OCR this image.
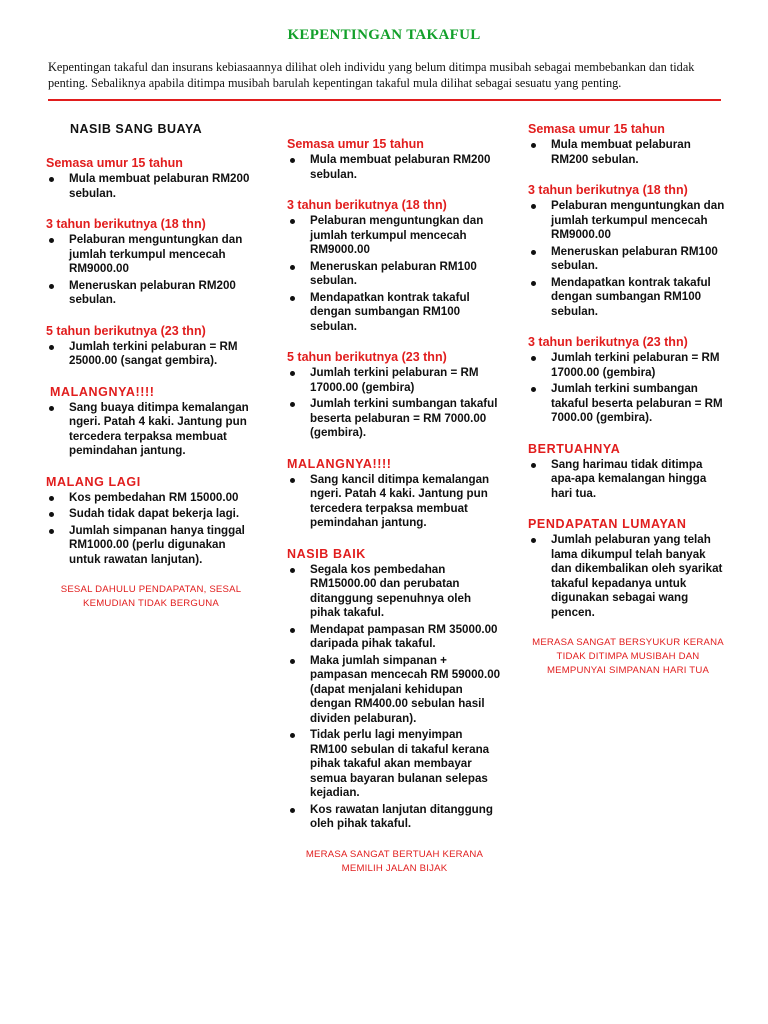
KEPENTINGAN TAKAFUL
Kepentingan takaful dan insurans kebiasaannya dilihat oleh individu yang belum ditimpa musibah sebagai membebankan dan tidak penting. Sebaliknya apabila ditimpa musibah barulah kepentingan takaful mula dilihat sebagai sesuatu yang penting.
NASIB SANG BUAYA
Semasa umur 15 tahun
Mula membuat pelaburan RM200 sebulan.
3 tahun berikutnya (18 thn)
Pelaburan menguntungkan dan jumlah terkumpul mencecah RM9000.00
Meneruskan pelaburan RM200 sebulan.
5 tahun berikutnya (23 thn)
Jumlah terkini pelaburan = RM 25000.00 (sangat gembira).
MALANGNYA!!!!
Sang buaya ditimpa kemalangan ngeri. Patah 4 kaki. Jantung pun tercedera terpaksa membuat pemindahan jantung.
MALANG LAGI
Kos pembedahan RM 15000.00
Sudah tidak dapat bekerja lagi.
Jumlah simpanan hanya tinggal RM1000.00 (perlu digunakan untuk rawatan lanjutan).
SESAL DAHULU PENDAPATAN, SESAL KEMUDIAN TIDAK BERGUNA
Semasa umur 15 tahun
Mula membuat pelaburan RM200 sebulan.
3 tahun berikutnya (18 thn)
Pelaburan menguntungkan dan jumlah terkumpul mencecah RM9000.00
Meneruskan pelaburan RM100 sebulan.
Mendapatkan kontrak takaful dengan sumbangan RM100 sebulan.
5 tahun berikutnya (23 thn)
Jumlah terkini pelaburan = RM 17000.00 (gembira)
Jumlah terkini sumbangan takaful beserta pelaburan = RM 7000.00 (gembira).
MALANGNYA!!!!
Sang kancil ditimpa kemalangan ngeri. Patah 4 kaki. Jantung pun tercedera terpaksa membuat pemindahan jantung.
NASIB BAIK
Segala kos pembedahan RM15000.00 dan perubatan ditanggung sepenuhnya oleh pihak takaful.
Mendapat pampasan RM 35000.00 daripada pihak takaful.
Maka jumlah simpanan + pampasan mencecah RM 59000.00 (dapat menjalani kehidupan dengan RM400.00 sebulan hasil dividen pelaburan).
Tidak perlu lagi menyimpan RM100 sebulan di takaful kerana pihak takaful akan membayar semua bayaran bulanan selepas kejadian.
Kos rawatan lanjutan ditanggung oleh pihak takaful.
MERASA SANGAT BERTUAH KERANA MEMILIH JALAN BIJAK
Semasa umur 15 tahun
Mula membuat pelaburan RM200 sebulan.
3 tahun berikutnya (18 thn)
Pelaburan menguntungkan dan jumlah terkumpul mencecah RM9000.00
Meneruskan pelaburan RM100 sebulan.
Mendapatkan kontrak takaful dengan sumbangan RM100 sebulan.
3 tahun berikutnya (23 thn)
Jumlah terkini pelaburan = RM 17000.00 (gembira)
Jumlah terkini sumbangan takaful beserta pelaburan = RM 7000.00 (gembira).
BERTUAHNYA
Sang harimau tidak ditimpa apa-apa kemalangan hingga hari tua.
PENDAPATAN LUMAYAN
Jumlah pelaburan yang telah lama dikumpul telah banyak dan dikembalikan oleh syarikat takaful kepadanya untuk digunakan sebagai wang pencen.
MERASA SANGAT BERSYUKUR KERANA TIDAK DITIMPA MUSIBAH DAN MEMPUNYAI SIMPANAN HARI TUA
